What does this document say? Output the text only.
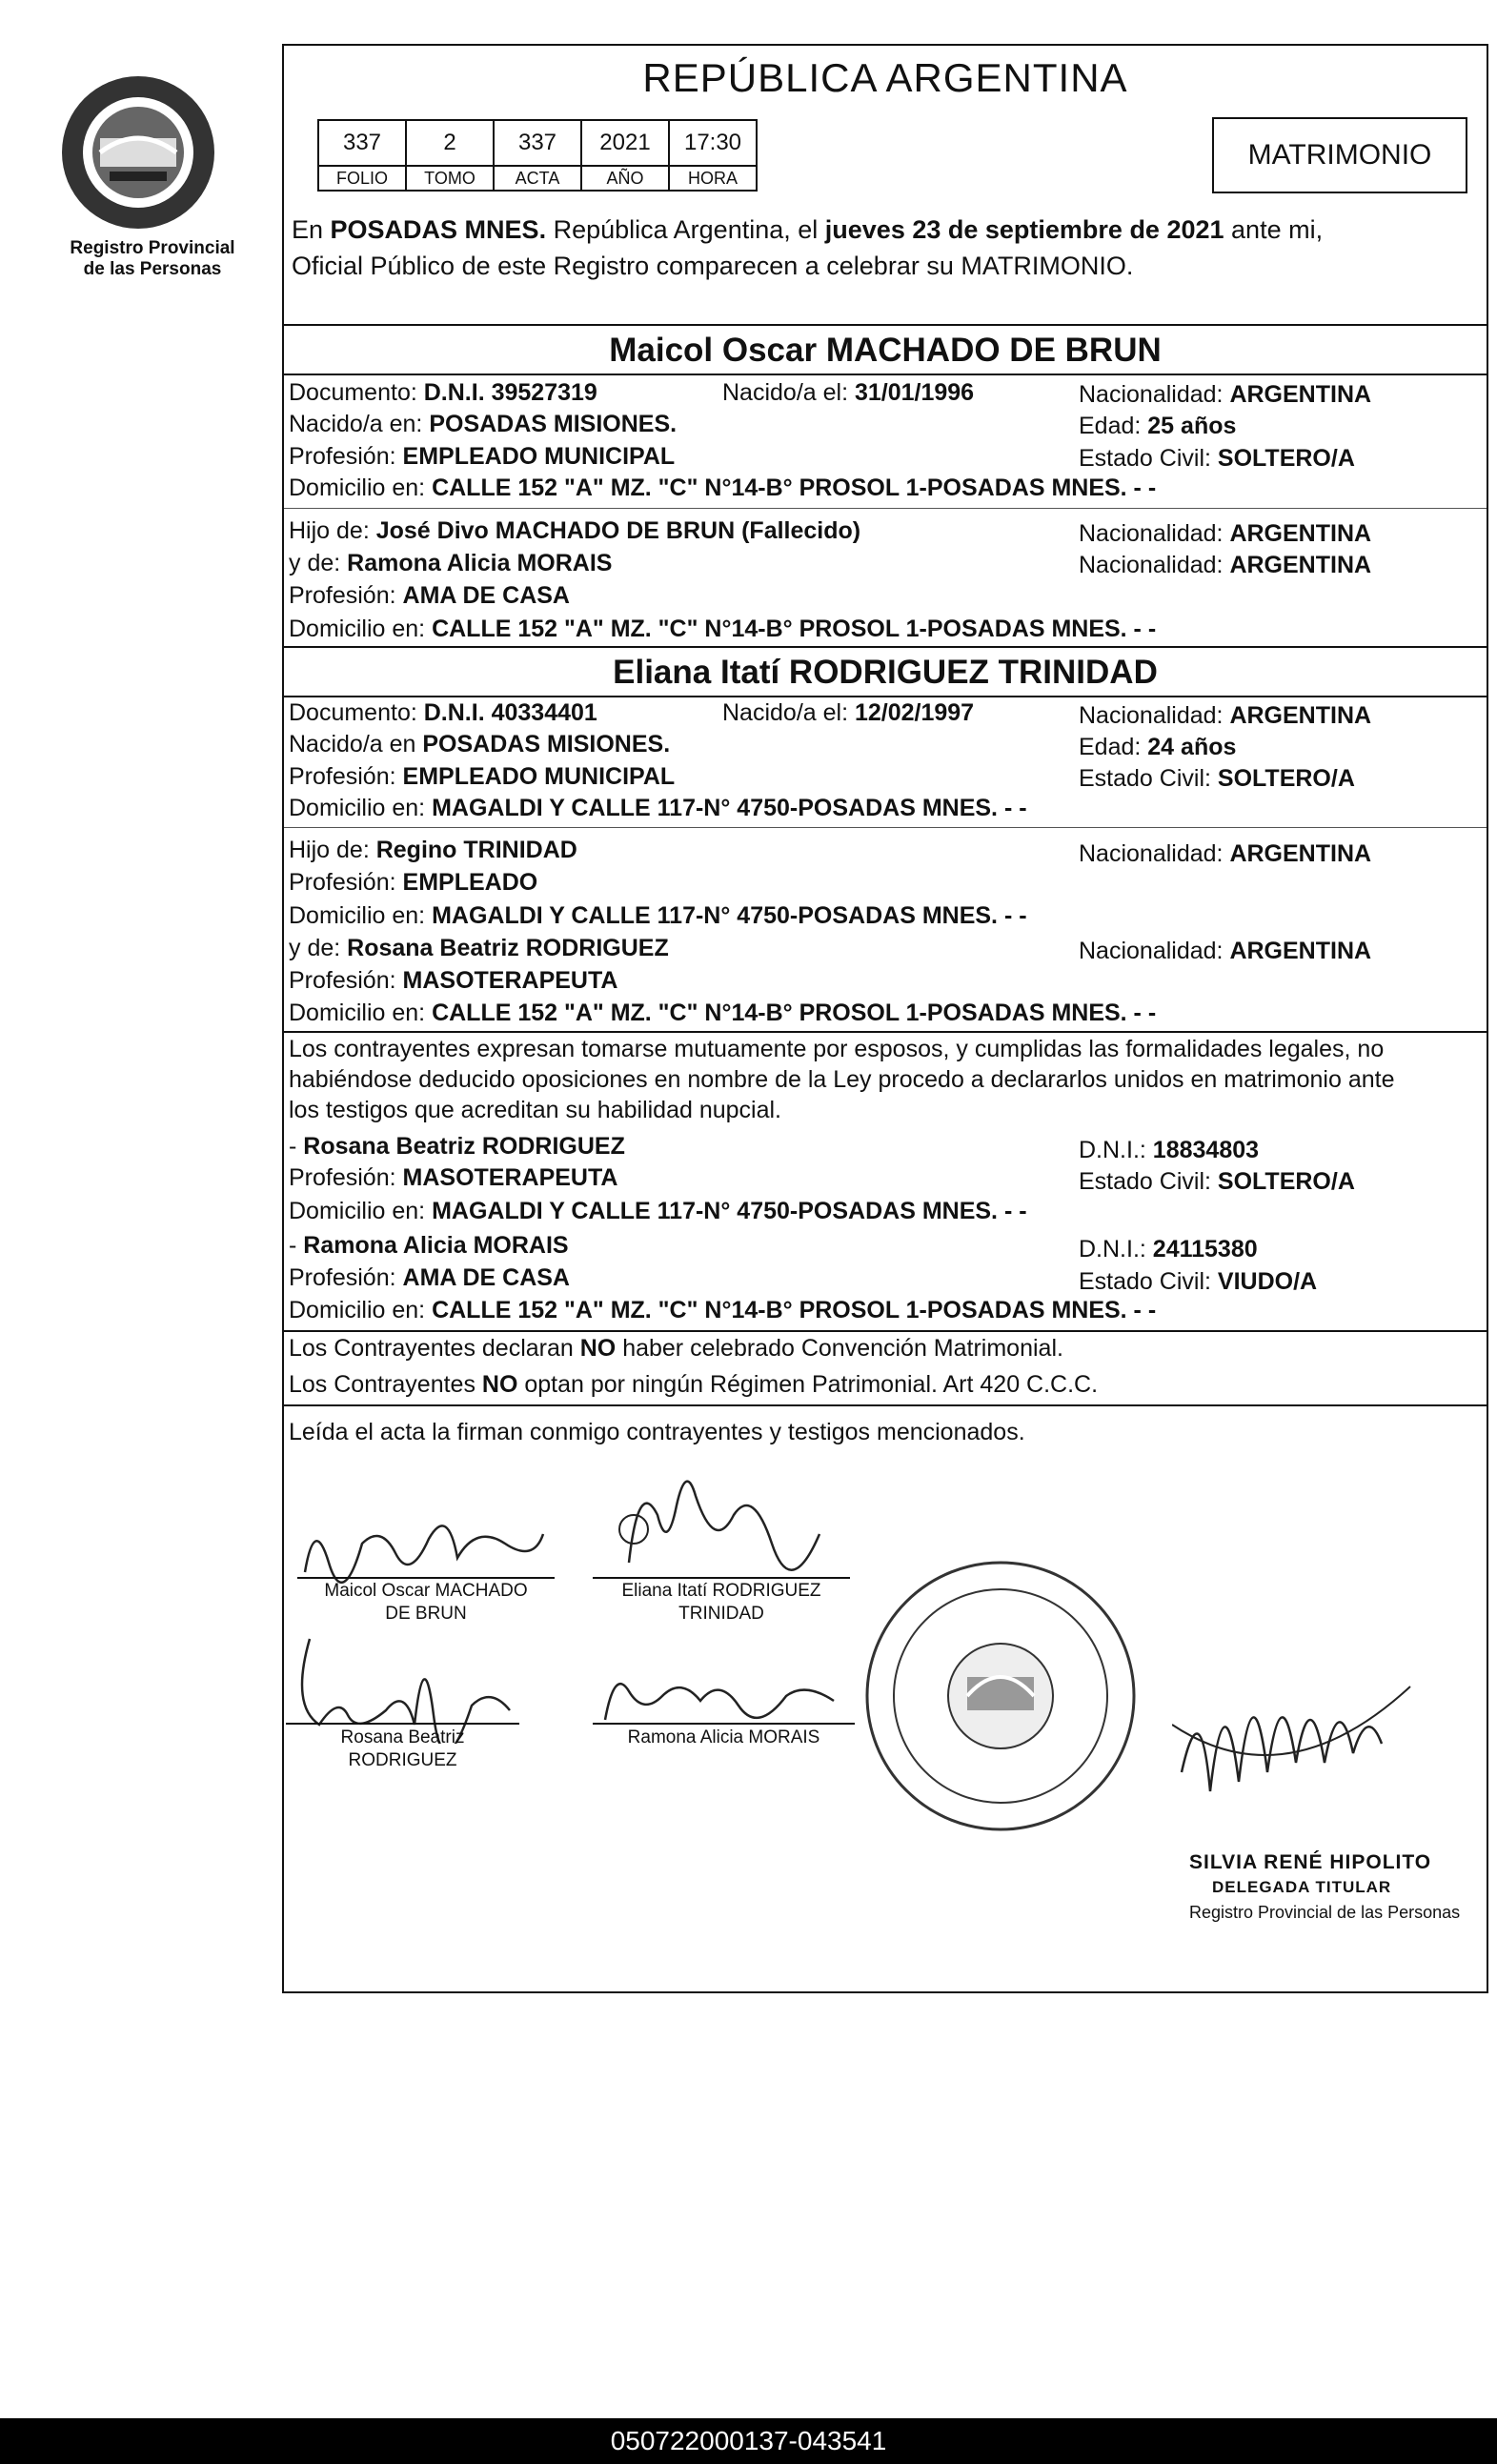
Registro Provincial
de las Personas
REPÚBLICA ARGENTINA
337	2	337	2021	17:30
FOLIO	TOMO	ACTA	AÑO	HORA
MATRIMONIO
En POSADAS MNES. República Argentina, el jueves 23 de septiembre de 2021 ante mi,
Oficial Público de este Registro comparecen a celebrar su MATRIMONIO.
Maicol Oscar MACHADO DE BRUN
Documento: D.N.I. 39527319	Nacido/a el: 31/01/1996	Nacionalidad: ARGENTINA
Nacido/a en: POSADAS MISIONES.	Edad: 25 años
Profesión: EMPLEADO MUNICIPAL	Estado Civil: SOLTERO/A
Domicilio en: CALLE 152 "A" MZ. "C" N°14-B° PROSOL 1-POSADAS MNES. - -
Hijo de: José Divo MACHADO DE BRUN (Fallecido)	Nacionalidad: ARGENTINA
y de: Ramona Alicia MORAIS	Nacionalidad: ARGENTINA
Profesión: AMA DE CASA
Domicilio en: CALLE 152 "A" MZ. "C" N°14-B° PROSOL 1-POSADAS MNES. - -
Eliana Itatí RODRIGUEZ TRINIDAD
Documento: D.N.I. 40334401	Nacido/a el: 12/02/1997	Nacionalidad: ARGENTINA
Nacido/a en POSADAS MISIONES.	Edad: 24 años
Profesión: EMPLEADO MUNICIPAL	Estado Civil: SOLTERO/A
Domicilio en: MAGALDI Y CALLE 117-N° 4750-POSADAS MNES. - -
Hijo de: Regino TRINIDAD	Nacionalidad: ARGENTINA
Profesión: EMPLEADO
Domicilio en: MAGALDI Y CALLE 117-N° 4750-POSADAS MNES. - -
y de: Rosana Beatriz RODRIGUEZ	Nacionalidad: ARGENTINA
Profesión: MASOTERAPEUTA
Domicilio en: CALLE 152 "A" MZ. "C" N°14-B° PROSOL 1-POSADAS MNES. - -
Los contrayentes expresan tomarse mutuamente por esposos, y cumplidas las formalidades legales, no
habiéndose deducido oposiciones en nombre de la Ley procedo a declararlos unidos en matrimonio ante
los testigos que acreditan su habilidad nupcial.
- Rosana Beatriz RODRIGUEZ	D.N.I.: 18834803
Profesión: MASOTERAPEUTA	Estado Civil: SOLTERO/A
Domicilio en: MAGALDI Y CALLE 117-N° 4750-POSADAS MNES. - -
- Ramona Alicia MORAIS	D.N.I.: 24115380
Profesión: AMA DE CASA	Estado Civil: VIUDO/A
Domicilio en: CALLE 152 "A" MZ. "C" N°14-B° PROSOL 1-POSADAS MNES. - -
Los Contrayentes declaran NO haber celebrado Convención Matrimonial.
Los Contrayentes NO optan por ningún Régimen Patrimonial. Art 420 C.C.C.
Leída el acta la firman conmigo contrayentes y testigos mencionados.
Maicol Oscar MACHADO
DE BRUN
Eliana Itatí RODRIGUEZ
TRINIDAD
Rosana Beatriz
RODRIGUEZ
Ramona Alicia MORAIS
SILVIA RENÉ HIPOLITO
DELEGADA TITULAR
Registro Provincial de las Personas
050722000137-043541
